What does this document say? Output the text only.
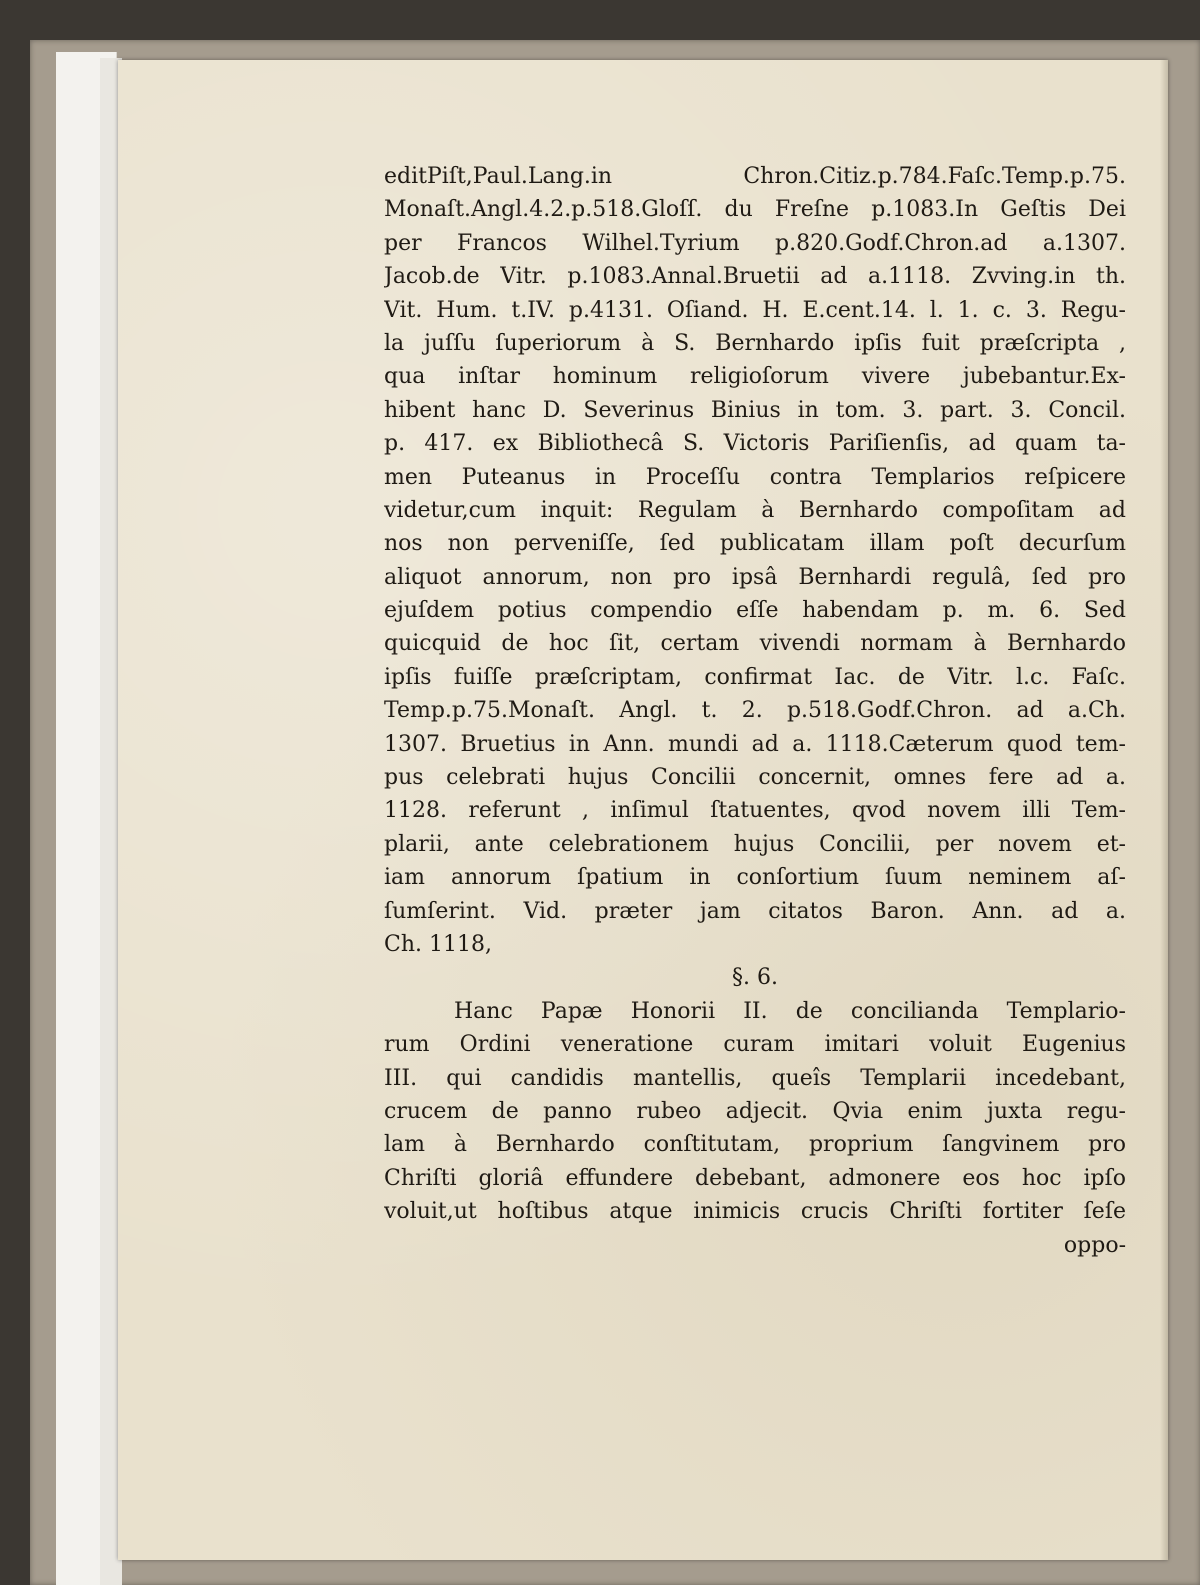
editPiſt,Paul.Lang.in Chron.Citiz.p.784.Faſc.Temp.p.75.
Monaſt.Angl.4.2.p.518.Gloſſ. du Freſne p.1083.In Geſtis Dei
per Francos Wilhel.Tyrium p.820.Godf.Chron.ad a.1307.
Jacob.de Vitr. p.1083.Annal.Bruetii ad a.1118. Zvving.in th.
Vit. Hum. t.IV. p.4131. Oſiand. H. E.cent.14. l. 1. c. 3. Regu-
la juſſu ſuperiorum à S. Bernhardo ipſis fuit præſcripta ,
qua inſtar hominum religioſorum vivere jubebantur.Ex-
hibent hanc D. Severinus Binius in tom. 3. part. 3. Concil.
p. 417. ex Bibliothecâ S. Victoris Pariſienſis, ad quam ta-
men Puteanus in Proceſſu contra Templarios reſpicere
videtur,cum inquit: Regulam à Bernhardo compoſitam ad
nos non perveniſſe, ſed publicatam illam poſt decurſum
aliquot annorum, non pro ipsâ Bernhardi regulâ, ſed pro
ejuſdem potius compendio eſſe habendam p. m. 6. Sed
quicquid de hoc ſit, certam vivendi normam à Bernhardo
ipſis fuiſſe præſcriptam, confirmat Iac. de Vitr. l.c. Faſc.
Temp.p.75.Monaſt. Angl. t. 2. p.518.Godf.Chron. ad a.Ch.
1307. Bruetius in Ann. mundi ad a. 1118.Cæterum quod tem-
pus celebrati hujus Concilii concernit, omnes fere ad a.
1128. referunt , inſimul ſtatuentes, qvod novem illi Tem-
plarii, ante celebrationem hujus Concilii, per novem et-
iam annorum ſpatium in conſortium ſuum neminem aſ-
ſumſerint. Vid. præter jam citatos Baron. Ann. ad a.
Ch. 1118,
§. 6.
Hanc Papæ Honorii II. de concilianda Templario-
rum Ordini veneratione curam imitari voluit Eugenius
III. qui candidis mantellis, queîs Templarii incedebant,
crucem de panno rubeo adjecit. Qvia enim juxta regu-
lam à Bernhardo conſtitutam, proprium ſangvinem pro
Chriſti gloriâ effundere debebant, admonere eos hoc ipſo
voluit,ut hoſtibus atque inimicis crucis Chriſti fortiter ſeſe
oppo-
